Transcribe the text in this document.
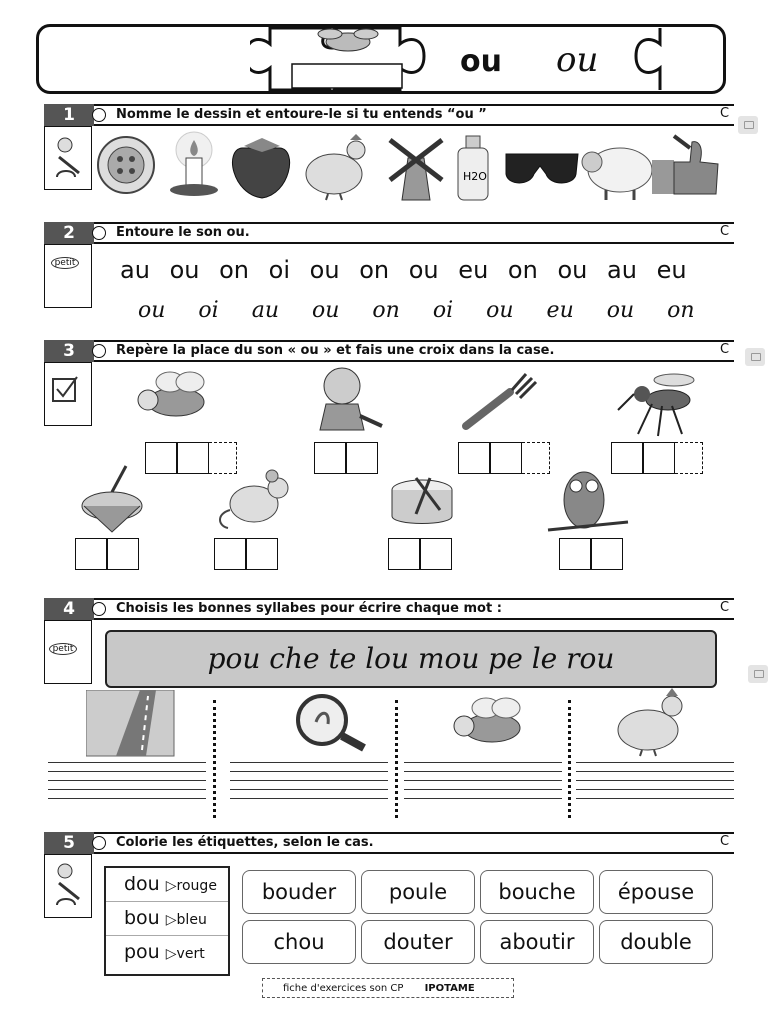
ou ou
1	Nomme le dessin et entoure-le si tu entends “ou ”	C
H2O
2	Entoure le son ou.	C
petit au ou on oi ou on ou eu on ou au eu
ou oi au ou on oi ou eu ou on
3	Repère la place du son « ou » et fais une croix dans la case.	C
4	Choisis les bonnes syllabes pour écrire chaque mot :	C
petit	pou che te lou mou pe le rou
5	Colorie les étiquettes, selon le cas.	C
dou ▷rouge
bou ▷bleu
pou ▷vert
bouder	poule	bouche	épouse
chou	douter	aboutir	double
fiche d'exercices son CP IPOTAME
